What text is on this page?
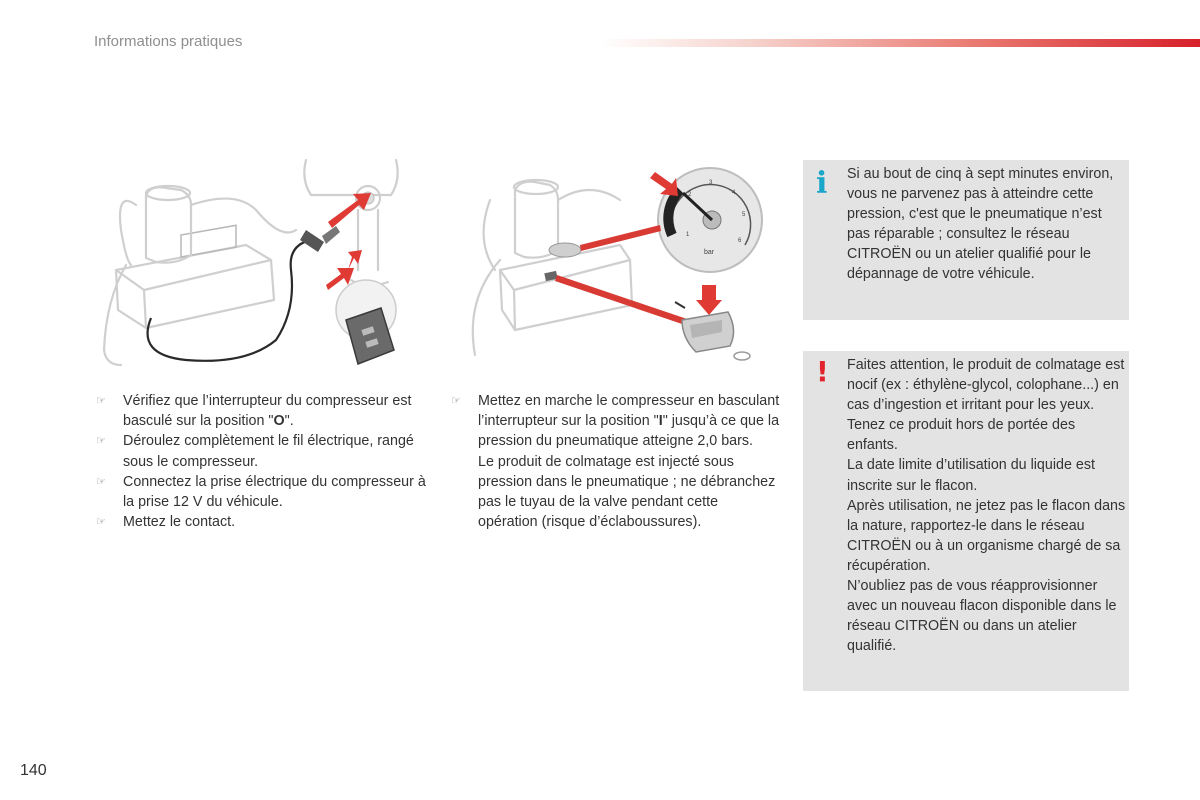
Informations pratiques
1
2
3
4
5
6
bar
☞ Vérifiez que l’interrupteur du compresseur est basculé sur la position "O".
☞ Déroulez complètement le fil électrique, rangé sous le compresseur.
☞ Connectez la prise électrique du compresseur à la prise 12 V du véhicule.
☞ Mettez le contact.
☞ Mettez en marche le compresseur en basculant l’interrupteur sur la position "I" jusqu’à ce que la pression du pneumatique atteigne 2,0 bars.
Le produit de colmatage est injecté sous pression dans le pneumatique ; ne débranchez pas le tuyau de la valve pendant cette opération (risque d’éclaboussures).
i Si au bout de cinq à sept minutes environ, vous ne parvenez pas à atteindre cette pression, c'est que le pneumatique n’est pas réparable ; consultez le réseau CITROËN ou un atelier qualifié pour le dépannage de votre véhicule.

! Faites attention, le produit de colmatage est nocif (ex : éthylène-glycol, colophane...) en cas d’ingestion et irritant pour les yeux.

Tenez ce produit hors de portée des enfants.

La date limite d’utilisation du liquide est inscrite sur le flacon.

Après utilisation, ne jetez pas le flacon dans la nature, rapportez-le dans le réseau CITROËN ou à un organisme chargé de sa récupération.

N’oubliez pas de vous réapprovisionner avec un nouveau flacon disponible dans le réseau CITROËN ou dans un atelier qualifié.

140
